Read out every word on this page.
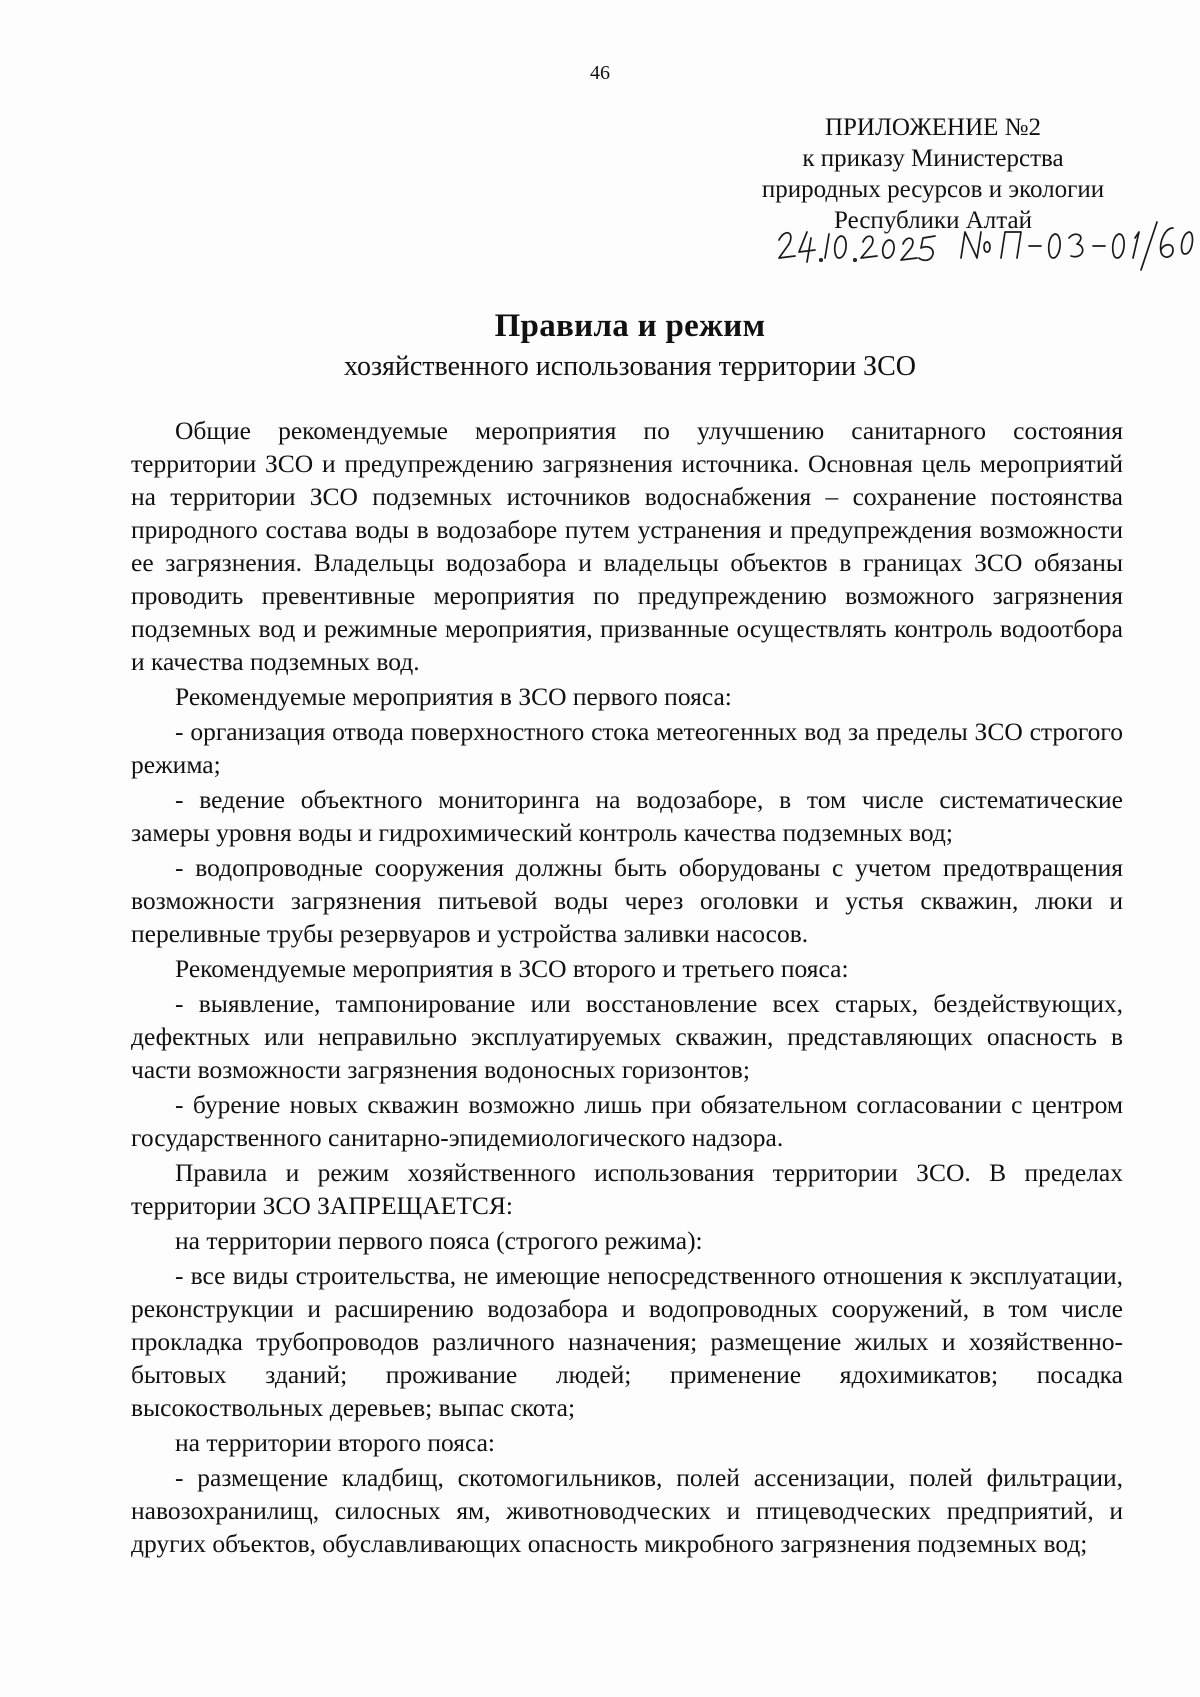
46
ПРИЛОЖЕНИЕ №2
к приказу Министерства
природных ресурсов и экологии
Республики Алтай
Правила и режим
хозяйственного использования территории ЗСО

Общие рекомендуемые мероприятия по улучшению санитарного состояния территории ЗСО и предупреждению загрязнения источника. Основная цель мероприятий на территории ЗСО подземных источников водоснабжения – сохранение постоянства природного состава воды в водозаборе путем устранения и предупреждения возможности ее загрязнения. Владельцы водозабора и владельцы объектов в границах ЗСО обязаны проводить превентивные мероприятия по предупреждению возможного загрязнения подземных вод и режимные мероприятия, призванные осуществлять контроль водоотбора и качества подземных вод.

Рекомендуемые мероприятия в ЗСО первого пояса:

- организация отвода поверхностного стока метеогенных вод за пределы ЗСО строгого режима;

- ведение объектного мониторинга на водозаборе, в том числе систематические замеры уровня воды и гидрохимический контроль качества подземных вод;

- водопроводные сооружения должны быть оборудованы с учетом предотвращения возможности загрязнения питьевой воды через оголовки и устья скважин, люки и переливные трубы резервуаров и устройства заливки насосов.

Рекомендуемые мероприятия в ЗСО второго и третьего пояса:

- выявление, тампонирование или восстановление всех старых, бездействующих, дефектных или неправильно эксплуатируемых скважин, представляющих опасность в части возможности загрязнения водоносных горизонтов;

- бурение новых скважин возможно лишь при обязательном согласовании с центром государственного санитарно-эпидемиологического надзора.

Правила и режим хозяйственного использования территории ЗСО. В пределах территории ЗСО ЗАПРЕЩАЕТСЯ:

на территории первого пояса (строгого режима):

- все виды строительства, не имеющие непосредственного отношения к эксплуатации, реконструкции и расширению водозабора и водопроводных сооружений, в том числе прокладка трубопроводов различного назначения; размещение жилых и хозяйственно-бытовых зданий; проживание людей; применение ядохимикатов; посадка высокоствольных деревьев; выпас скота;

на территории второго пояса:

- размещение кладбищ, скотомогильников, полей ассенизации, полей фильтрации, навозохранилищ, силосных ям, животноводческих и птицеводческих предприятий, и других объектов, обуславливающих опасность микробного загрязнения подземных вод;
